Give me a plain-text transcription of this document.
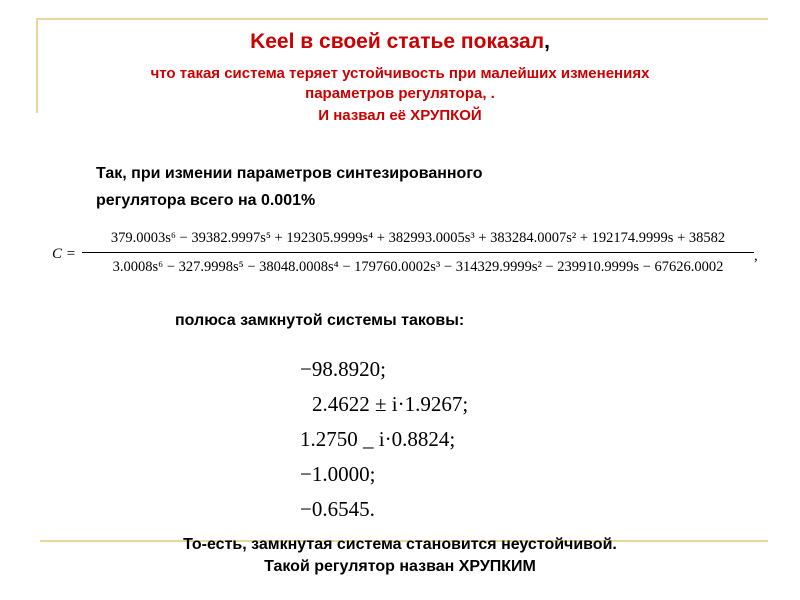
Keel в своей статье показал,
что такая система теряет устойчивость при малейших изменениях
параметров регулятора, .
И назвал её ХРУПКОЙ
Так, при измении параметров синтезированного
регулятора всего на 0.001%
C =
379.0003s⁶ − 39382.9997s⁵ + 192305.9999s⁴ + 382993.0005s³ + 383284.0007s² + 192174.9999s + 38582
3.0008s⁶ − 327.9998s⁵ − 38048.0008s⁴ − 179760.0002s³ − 314329.9999s² − 239910.9999s − 67626.0002
,
полюса замкнутой системы таковы:
−98.8920;
2.4622 ± i·1.9267;
1.2750 _ i·0.8824;
−1.0000;
−0.6545.
То-есть, замкнутая система становится неустойчивой.
Такой регулятор назван ХРУПКИМ
